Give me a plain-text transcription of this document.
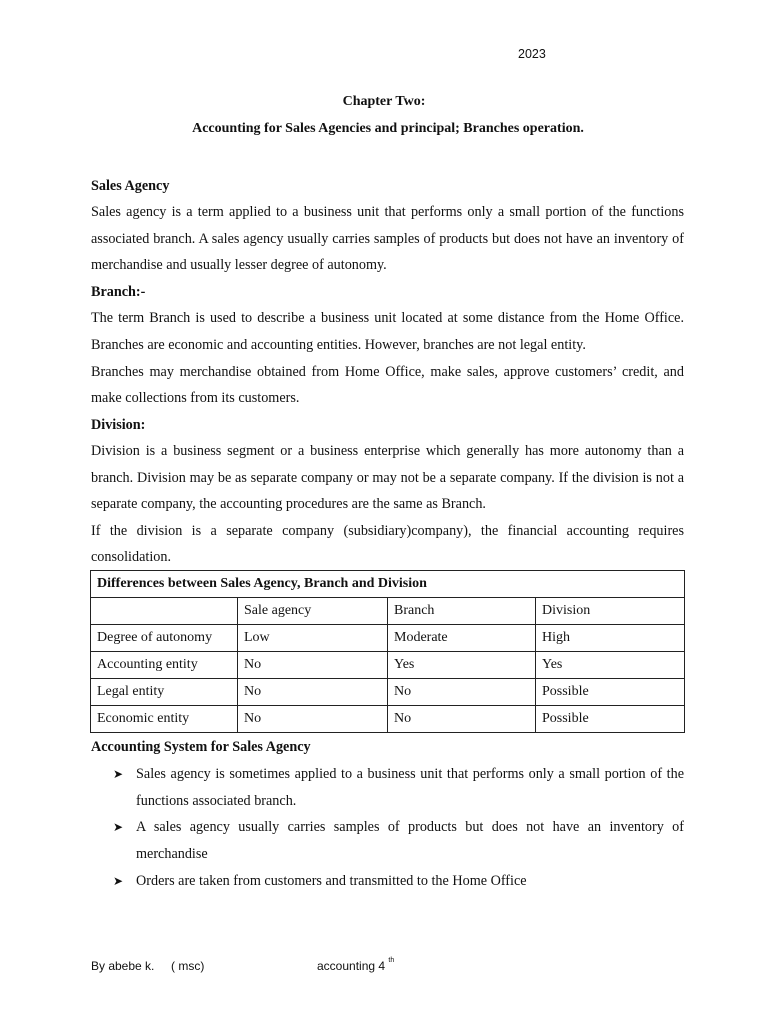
2023
Chapter Two:
Accounting for Sales Agencies and principal; Branches operation.
Sales Agency
Sales agency is a term applied to a business unit that performs only a small portion of the functions associated branch. A sales agency usually carries samples of products but does not have an inventory of merchandise and usually lesser degree of autonomy.
Branch:-
The term Branch is used to describe a business unit located at some distance from the Home Office. Branches are economic and accounting entities. However, branches are not legal entity.
Branches may merchandise obtained from Home Office, make sales, approve customers’ credit, and make collections from its customers.
Division:
Division is a business segment or a business enterprise which generally has more autonomy than a branch. Division may be as separate company or may not be a separate company. If the division is not a separate company, the accounting procedures are the same as Branch.
If the division is a separate company (subsidiary)company), the financial accounting requires consolidation.
Differences between Sales Agency, Branch and Division			
	Sale agency	Branch	Division
Degree of autonomy	Low	Moderate	High
Accounting entity	No	Yes	Yes
Legal entity	No	No	Possible
Economic entity	No	No	Possible
Accounting System for Sales Agency
➤ Sales agency is sometimes applied to a business unit that performs only a small portion of the functions associated branch.
➤ A sales agency usually carries samples of products but does not have an inventory of merchandise
➤ Orders are taken from customers and transmitted to the Home Office
By abebe k.     ( msc)	accounting 4 $^{th}$
